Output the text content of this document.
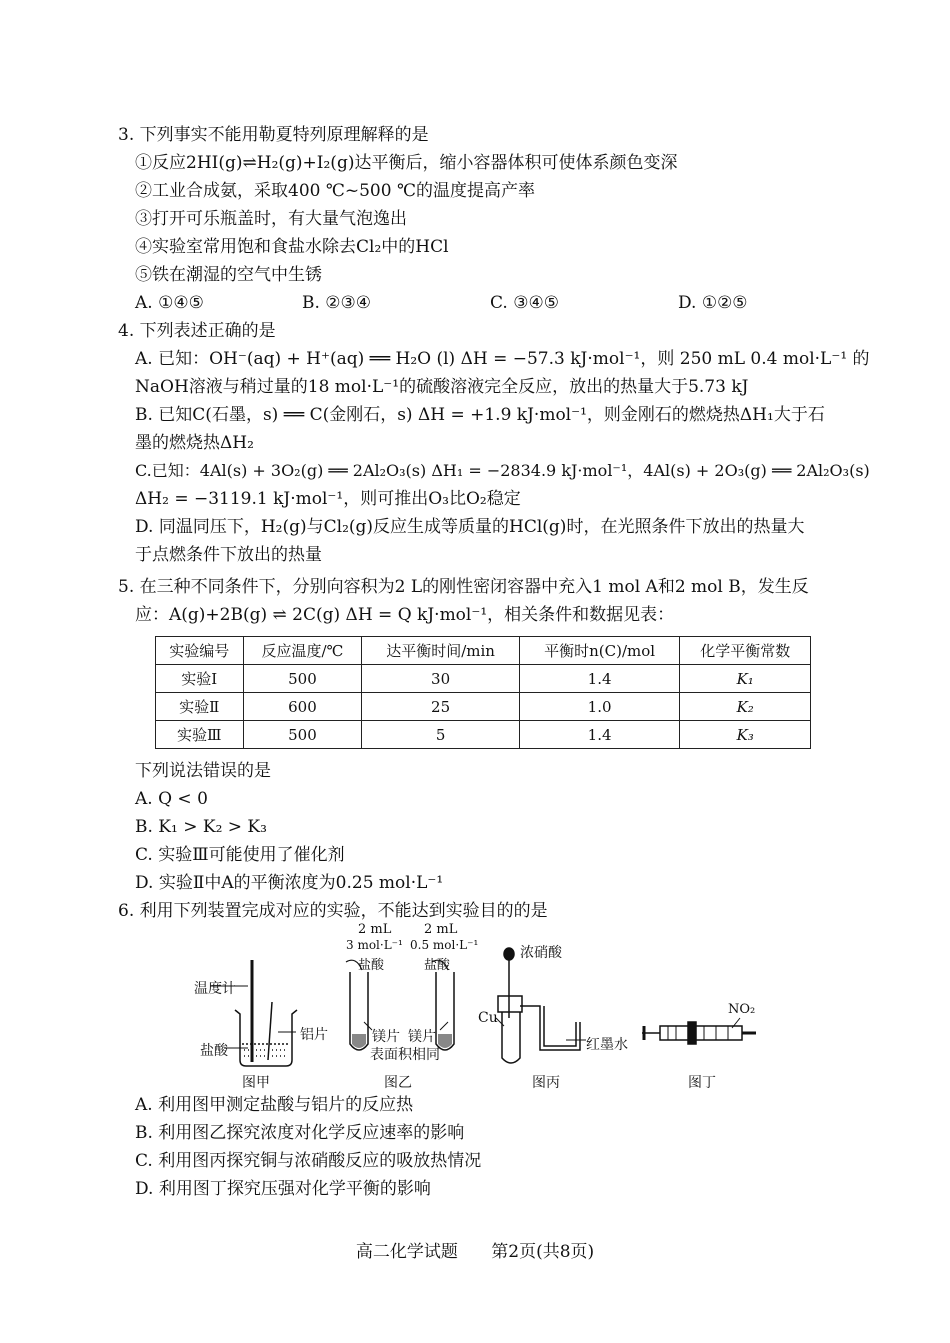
3. 下列事实不能用勒夏特列原理解释的是
①反应2HI(g)⇌H₂(g)+I₂(g)达平衡后，缩小容器体积可使体系颜色变深
②工业合成氨，采取400 ℃~500 ℃的温度提高产率
③打开可乐瓶盖时，有大量气泡逸出
④实验室常用饱和食盐水除去Cl₂中的HCl
⑤铁在潮湿的空气中生锈
A. ①④⑤	B. ②③④	C. ③④⑤	D. ①②⑤
4. 下列表述正确的是
A. 已知：OH⁻(aq) + H⁺(aq) ══ H₂O (l) ΔH = −57.3 kJ·mol⁻¹，则 250 mL 0.4 mol·L⁻¹ 的
NaOH溶液与稍过量的18 mol·L⁻¹的硫酸溶液完全反应，放出的热量大于5.73 kJ
B. 已知C(石墨，s) ══ C(金刚石，s) ΔH = +1.9 kJ·mol⁻¹，则金刚石的燃烧热ΔH₁大于石
墨的燃烧热ΔH₂
C.已知：4Al(s) + 3O₂(g) ══ 2Al₂O₃(s) ΔH₁ = −2834.9 kJ·mol⁻¹，4Al(s) + 2O₃(g) ══ 2Al₂O₃(s)
ΔH₂ = −3119.1 kJ·mol⁻¹，则可推出O₃比O₂稳定
D. 同温同压下，H₂(g)与Cl₂(g)反应生成等质量的HCl(g)时，在光照条件下放出的热量大
于点燃条件下放出的热量
5. 在三种不同条件下，分别向容积为2 L的刚性密闭容器中充入1 mol A和2 mol B，发生反
应：A(g)+2B(g) ⇌ 2C(g) ΔH = Q kJ·mol⁻¹，相关条件和数据见表：
实验编号	反应温度/℃	达平衡时间/min	平衡时n(C)/mol	化学平衡常数
实验Ⅰ	500	30	1.4	K₁
实验Ⅱ	600	25	1.0	K₂
实验Ⅲ	500	5	1.4	K₃
下列说法错误的是
A. Q < 0
B. K₁ > K₂ > K₃
C. 实验Ⅲ可能使用了催化剂
D. 实验Ⅱ中A的平衡浓度为0.25 mol·L⁻¹
6. 利用下列装置完成对应的实验，不能达到实验目的的是
温度计
盐酸
铝片
2 mL
3 mol·L⁻¹
盐酸
2 mL
0.5 mol·L⁻¹
盐酸
镁片 镁片
表面积相同
浓硝酸
Cu
红墨水
NO₂
图甲	图乙	图丙	图丁
A. 利用图甲测定盐酸与铝片的反应热
B. 利用图乙探究浓度对化学反应速率的影响
C. 利用图丙探究铜与浓硝酸反应的吸放热情况
D. 利用图丁探究压强对化学平衡的影响
高二化学试题 第2页(共8页)
